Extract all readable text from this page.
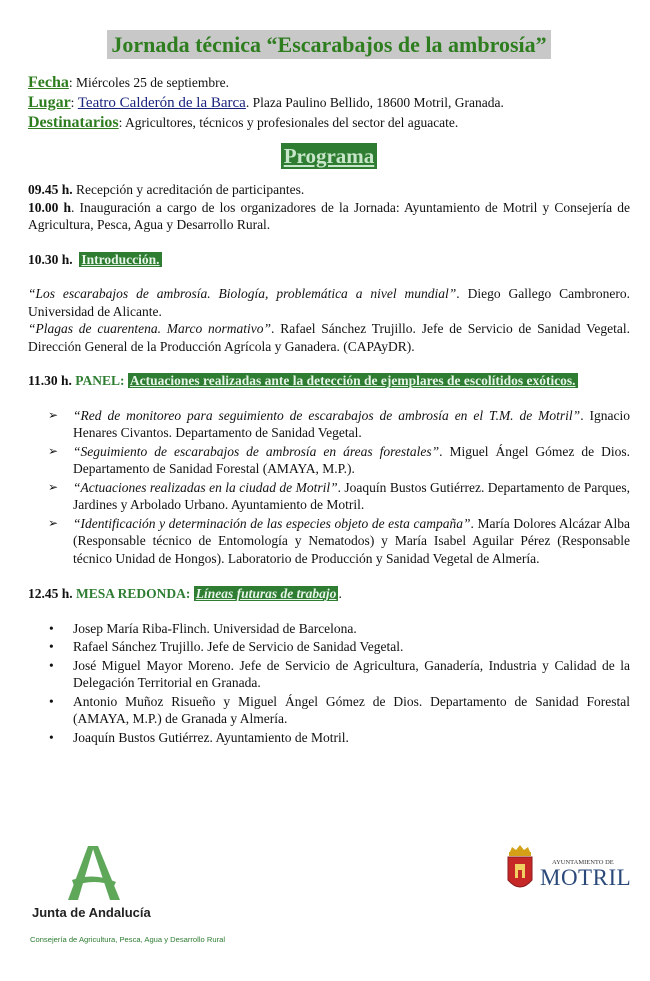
Jornada técnica “Escarabajos de la ambrosía”
Fecha: Miércoles 25 de septiembre.
Lugar: Teatro Calderón de la Barca. Plaza Paulino Bellido, 18600 Motril, Granada.
Destinatarios: Agricultores, técnicos y profesionales del sector del aguacate.
Programa

09.45 h. Recepción y acreditación de participantes.

10.00 h. Inauguración a cargo de los organizadores de la Jornada: Ayuntamiento de Motril y Consejería de Agricultura, Pesca, Agua y Desarrollo Rural.

10.30 h. Introducción.

“Los escarabajos de ambrosía. Biología, problemática a nivel mundial”. Diego Gallego Cambronero. Universidad de Alicante.

“Plagas de cuarentena. Marco normativo”. Rafael Sánchez Trujillo. Jefe de Servicio de Sanidad Vegetal. Dirección General de la Producción Agrícola y Ganadera. (CAPAyDR).

11.30 h. PANEL: Actuaciones realizadas ante la detección de ejemplares de escolítidos exóticos.

➢ “Red de monitoreo para seguimiento de escarabajos de ambrosía en el T.M. de Motril”. Ignacio Henares Civantos. Departamento de Sanidad Vegetal.
➢ “Seguimiento de escarabajos de ambrosía en áreas forestales”. Miguel Ángel Gómez de Dios. Departamento de Sanidad Forestal (AMAYA, M.P.).
➢ “Actuaciones realizadas en la ciudad de Motril”. Joaquín Bustos Gutiérrez. Departamento de Parques, Jardines y Arbolado Urbano. Ayuntamiento de Motril.
➢ “Identificación y determinación de las especies objeto de esta campaña”. María Dolores Alcázar Alba (Responsable técnico de Entomología y Nematodos) y María Isabel Aguilar Pérez (Responsable técnico Unidad de Hongos). Laboratorio de Producción y Sanidad Vegetal de Almería.

12.45 h. MESA REDONDA: Líneas futuras de trabajo .

• Josep María Riba-Flinch. Universidad de Barcelona.
• Rafael Sánchez Trujillo. Jefe de Servicio de Sanidad Vegetal.
• José Miguel Mayor Moreno. Jefe de Servicio de Agricultura, Ganadería, Industria y Calidad de la Delegación Territorial en Granada.
• Antonio Muñoz Risueño y Miguel Ángel Gómez de Dios. Departamento de Sanidad Forestal (AMAYA, M.P.) de Granada y Almería.
• Joaquín Bustos Gutiérrez. Ayuntamiento de Motril.
Junta de Andalucía
Consejería de Agricultura, Pesca, Agua y Desarrollo Rural
AYUNTAMIENTO DE
MOTRIL
